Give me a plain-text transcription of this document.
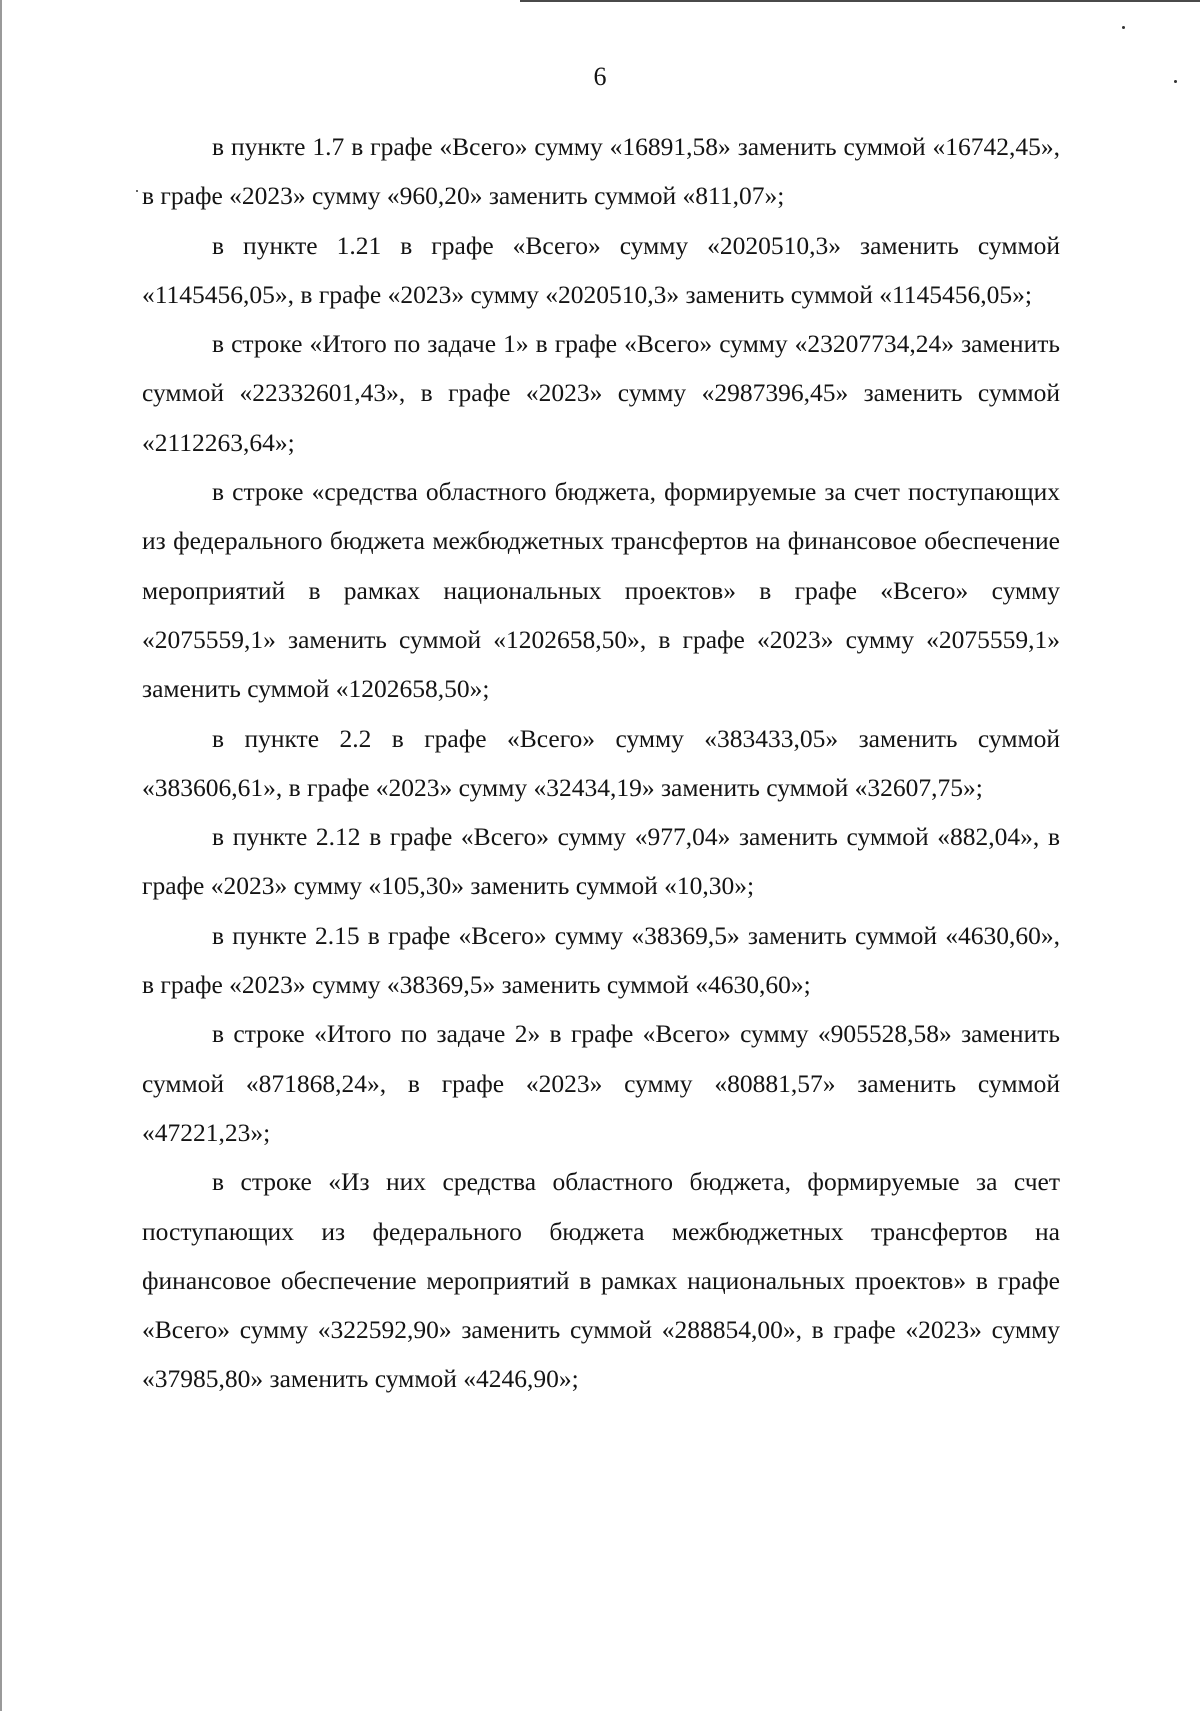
6

в пункте 1.7 в графе «Всего» сумму «16891,58» заменить суммой «16742,45», в графе «2023» сумму «960,20» заменить суммой «811,07»;

в пункте 1.21 в графе «Всего» сумму «2020510,3» заменить суммой «1145456,05», в графе «2023» сумму «2020510,3» заменить суммой «1145456,05»;

в строке «Итого по задаче 1» в графе «Всего» сумму «23207734,24» заменить суммой «22332601,43», в графе «2023» сумму «2987396,45» заменить суммой «2112263,64»;

в строке «средства областного бюджета, формируемые за счет поступающих из федерального бюджета межбюджетных трансфертов на финансовое обеспечение мероприятий в рамках национальных проектов» в графе «Всего» сумму «2075559,1» заменить суммой «1202658,50», в графе «2023» сумму «2075559,1» заменить суммой «1202658,50»;

в пункте 2.2 в графе «Всего» сумму «383433,05» заменить суммой «383606,61», в графе «2023» сумму «32434,19» заменить суммой «32607,75»;

в пункте 2.12 в графе «Всего» сумму «977,04» заменить суммой «882,04», в графе «2023» сумму «105,30» заменить суммой «10,30»;

в пункте 2.15 в графе «Всего» сумму «38369,5» заменить суммой «4630,60», в графе «2023» сумму «38369,5» заменить суммой «4630,60»;

в строке «Итого по задаче 2» в графе «Всего» сумму «905528,58» заменить суммой «871868,24», в графе «2023» сумму «80881,57» заменить суммой «47221,23»;

в строке «Из них средства областного бюджета, формируемые за счет поступающих из федерального бюджета межбюджетных трансфертов на финансовое обеспечение мероприятий в рамках национальных проектов» в графе «Всего» сумму «322592,90» заменить суммой «288854,00», в графе «2023» сумму «37985,80» заменить суммой «4246,90»;
